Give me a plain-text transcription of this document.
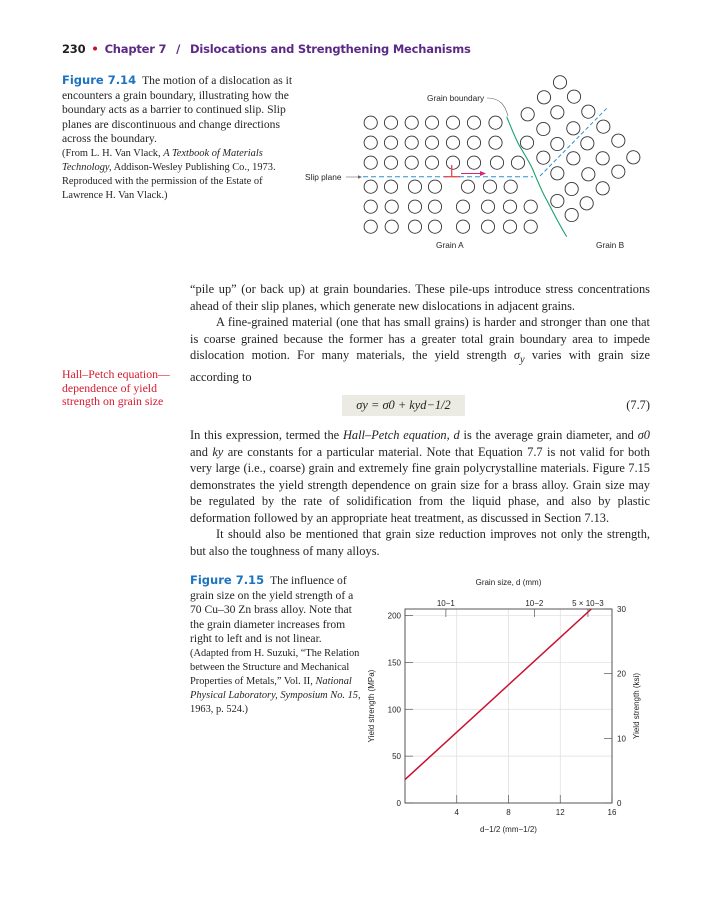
230 • Chapter 7 / Dislocations and Strengthening Mechanisms
Figure 7.14 The motion of a dislocation as it encounters a grain boundary, illustrating how the boundary acts as a barrier to continued slip. Slip planes are discontinuous and change directions across the boundary.
(From L. H. Van Vlack, A Textbook of Materials Technology, Addison-Wesley Publishing Co., 1973. Reproduced with the permission of the Estate of Lawrence H. Van Vlack.)
Grain boundary
Slip plane
Grain A	Grain B

“pile up” (or back up) at grain boundaries. These pile-ups introduce stress concentrations ahead of their slip planes, which generate new dislocations in adjacent grains.

A fine-grained material (one that has small grains) is harder and stronger than one that is coarse grained because the former has a greater total grain boundary area to impede dislocation motion. For many materials, the yield strength $\sigma_y$ varies with grain size according to

σy = σ0 + kyd−1/2	(7.7)

In this expression, termed the Hall–Petch equation, d is the average grain diameter, and σ0 and ky are constants for a particular material. Note that Equation 7.7 is not valid for both very large (i.e., coarse) grain and extremely fine grain polycrystalline materials. Figure 7.15 demonstrates the yield strength dependence on grain size for a brass alloy. Grain size may be regulated by the rate of solidification from the liquid phase, and also by plastic deformation followed by an appropriate heat treatment, as discussed in Section 7.13.

It should also be mentioned that grain size reduction improves not only the strength, but also the toughness of many alloys.

Hall–Petch equation—dependence of yield strength on grain size
Figure 7.15 The influence of grain size on the yield strength of a 70 Cu–30 Zn brass alloy. Note that the grain diameter increases from right to left and is not linear.
(Adapted from H. Suzuki, “The Relation between the Structure and Mechanical Properties of Metals,” Vol. II, National Physical Laboratory, Symposium No. 15, 1963, p. 524.)
4	8	12	16
0
50
100
150
200
0
10
20
30
10−1	10−2	5 × 10−3
d−1/2 (mm−1/2)
Grain size, d (mm)
Yield strength (MPa)	Yield strength (ksi)
